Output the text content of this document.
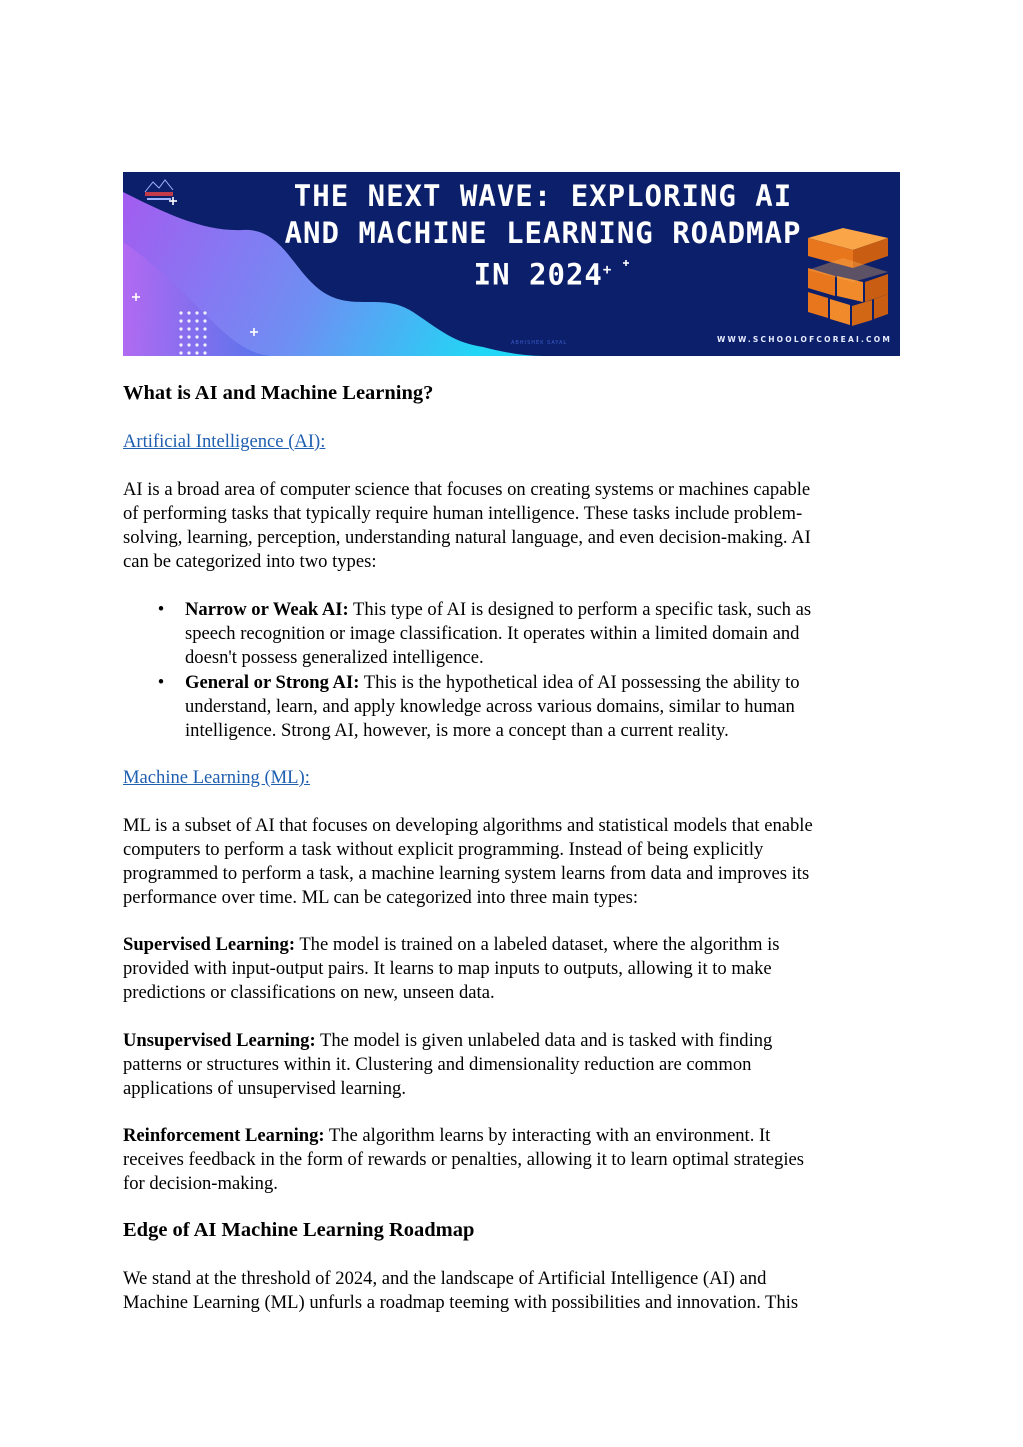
THE NEXT WAVE: EXPLORING AI
AND MACHINE LEARNING ROADMAP
IN 2024+
ABHISHEK SAYAL	WWW.SCHOOLOFCOREAI.COM
What is AI and Machine Learning?
Artificial Intelligence (AI):
AI is a broad area of computer science that focuses on creating systems or machines capable
of performing tasks that typically require human intelligence. These tasks include problem-
solving, learning, perception, understanding natural language, and even decision-making. AI
can be categorized into two types:
• Narrow or Weak AI: This type of AI is designed to perform a specific task, such as
speech recognition or image classification. It operates within a limited domain and
doesn't possess generalized intelligence.
• General or Strong AI: This is the hypothetical idea of AI possessing the ability to
understand, learn, and apply knowledge across various domains, similar to human
intelligence. Strong AI, however, is more a concept than a current reality.
Machine Learning (ML):
ML is a subset of AI that focuses on developing algorithms and statistical models that enable
computers to perform a task without explicit programming. Instead of being explicitly
programmed to perform a task, a machine learning system learns from data and improves its
performance over time. ML can be categorized into three main types:
Supervised Learning: The model is trained on a labeled dataset, where the algorithm is
provided with input-output pairs. It learns to map inputs to outputs, allowing it to make
predictions or classifications on new, unseen data.
Unsupervised Learning: The model is given unlabeled data and is tasked with finding
patterns or structures within it. Clustering and dimensionality reduction are common
applications of unsupervised learning.
Reinforcement Learning: The algorithm learns by interacting with an environment. It
receives feedback in the form of rewards or penalties, allowing it to learn optimal strategies
for decision-making.
Edge of AI Machine Learning Roadmap
We stand at the threshold of 2024, and the landscape of Artificial Intelligence (AI) and
Machine Learning (ML) unfurls a roadmap teeming with possibilities and innovation. This
